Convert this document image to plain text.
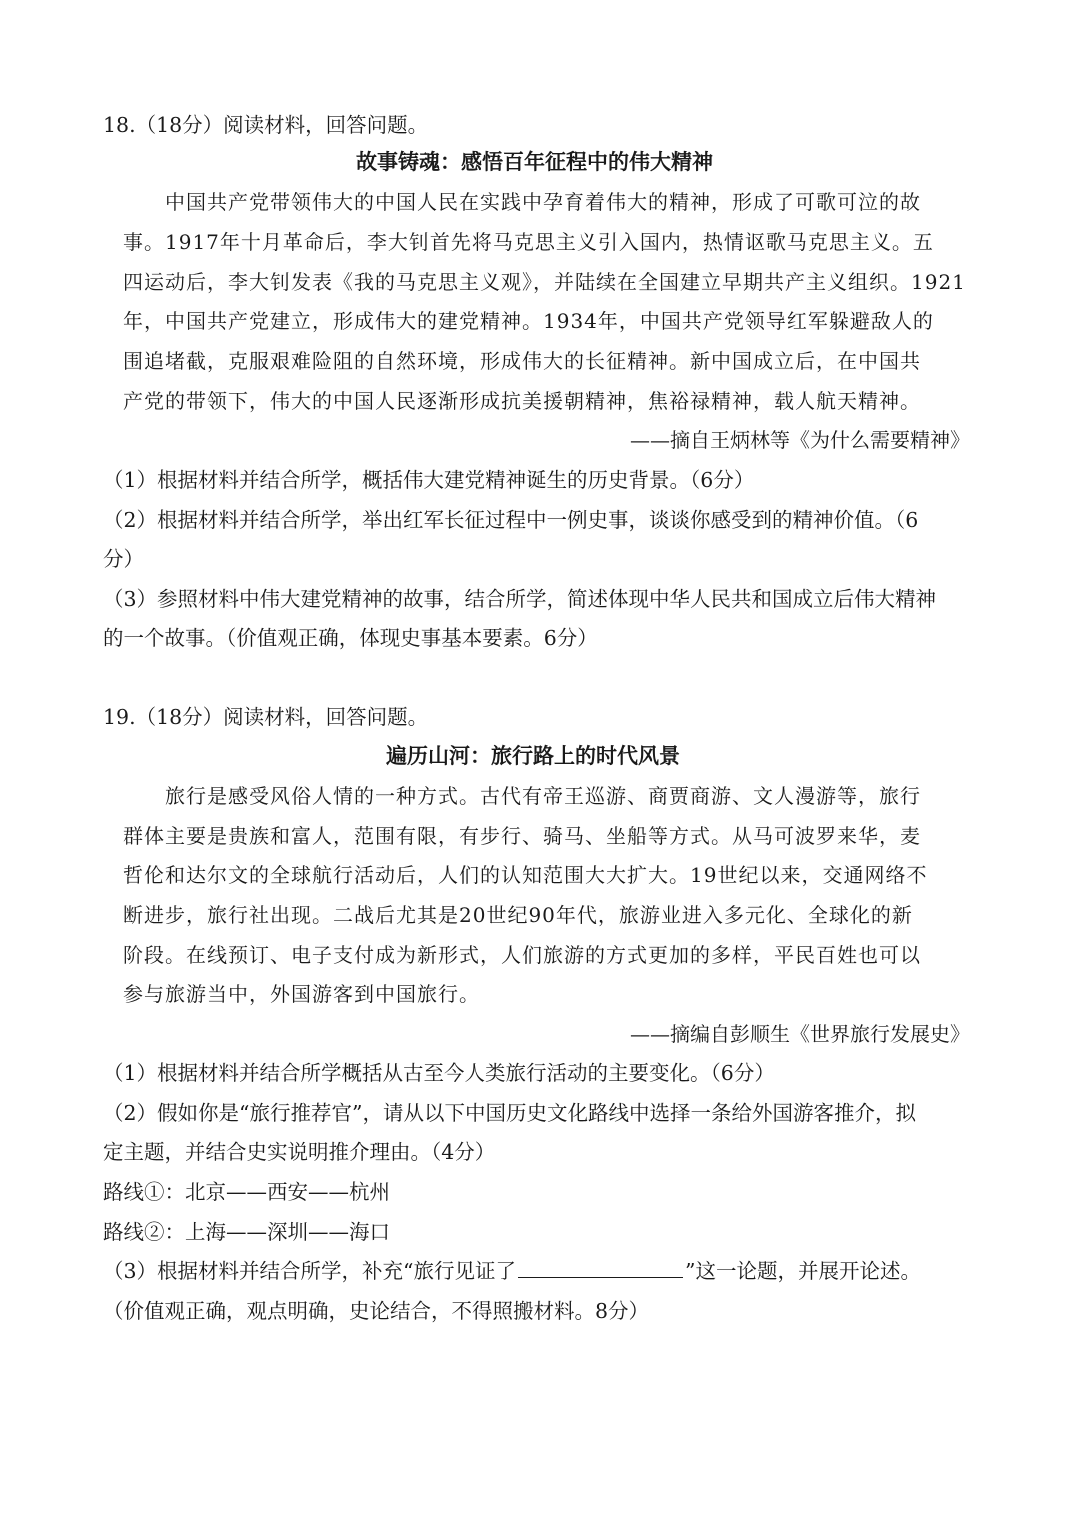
18.（18分）阅读材料，回答问题。
故事铸魂：感悟百年征程中的伟大精神
中国共产党带领伟大的中国人民在实践中孕育着伟大的精神，形成了可歌可泣的故
事。1917年十月革命后，李大钊首先将马克思主义引入国内，热情讴歌马克思主义。五
四运动后，李大钊发表《我的马克思主义观》，并陆续在全国建立早期共产主义组织。1921
年，中国共产党建立，形成伟大的建党精神。1934年，中国共产党领导红军躲避敌人的
围追堵截，克服艰难险阻的自然环境，形成伟大的长征精神。新中国成立后，在中国共
产党的带领下，伟大的中国人民逐渐形成抗美援朝精神，焦裕禄精神，载人航天精神。
——摘自王炳林等《为什么需要精神》
（1）根据材料并结合所学，概括伟大建党精神诞生的历史背景。（6分）
（2）根据材料并结合所学，举出红军长征过程中一例史事，谈谈你感受到的精神价值。（6
分）
（3）参照材料中伟大建党精神的故事，结合所学，简述体现中华人民共和国成立后伟大精神
的一个故事。（价值观正确，体现史事基本要素。6分）
19.（18分）阅读材料，回答问题。
遍历山河：旅行路上的时代风景
旅行是感受风俗人情的一种方式。古代有帝王巡游、商贾商游、文人漫游等，旅行
群体主要是贵族和富人，范围有限，有步行、骑马、坐船等方式。从马可波罗来华，麦
哲伦和达尔文的全球航行活动后，人们的认知范围大大扩大。19世纪以来，交通网络不
断进步，旅行社出现。二战后尤其是20世纪90年代，旅游业进入多元化、全球化的新
阶段。在线预订、电子支付成为新形式，人们旅游的方式更加的多样，平民百姓也可以
参与旅游当中，外国游客到中国旅行。
——摘编自彭顺生《世界旅行发展史》
（1）根据材料并结合所学概括从古至今人类旅行活动的主要变化。（6分）
（2）假如你是“旅行推荐官”，请从以下中国历史文化路线中选择一条给外国游客推介，拟
定主题，并结合史实说明推介理由。（4分）
路线①：北京——西安——杭州
路线②：上海——深圳——海口
（3）根据材料并结合所学，补充“旅行见证了	”这一论题，并展开论述。
（价值观正确，观点明确，史论结合，不得照搬材料。8分）
